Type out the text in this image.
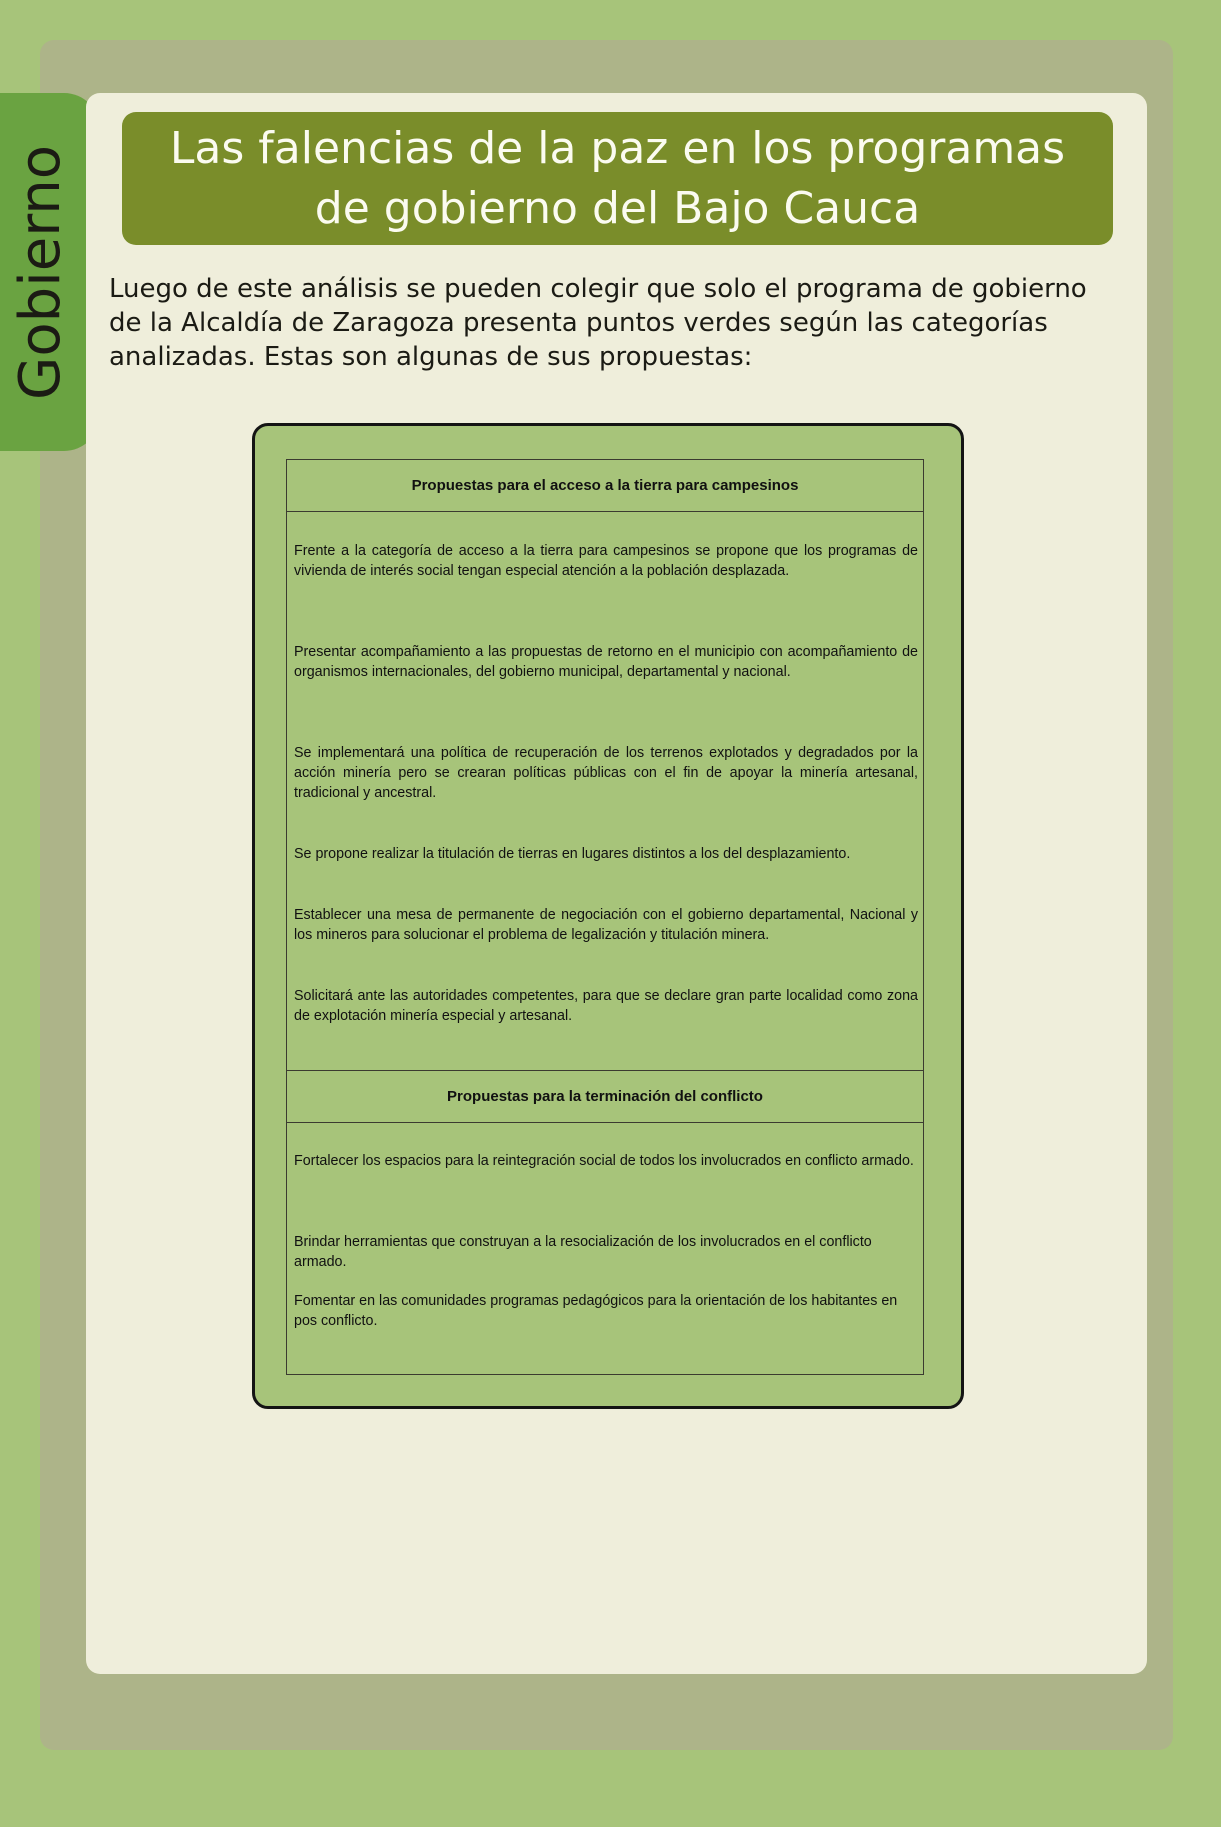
Gobierno	Las falencias de la paz en los programas de gobierno del Bajo Cauca

Luego de este análisis se pueden colegir que solo el programa de gobierno de la Alcaldía de Zaragoza presenta puntos verdes según las categorías analizadas. Estas son algunas de sus propuestas:

Propuestas para el acceso a la tierra para campesinos

Frente a la categoría de acceso a la tierra para campesinos se propone que los programas de vivienda de interés social tengan especial atención a la población desplazada.

Presentar acompañamiento a las propuestas de retorno en el municipio con acompañamiento de organismos internacionales, del gobierno municipal, departamental y nacional.

Se implementará una política de recuperación de los terrenos explotados y degradados por la acción minería pero se crearan políticas públicas con el fin de apoyar la minería artesanal, tradicional y ancestral.

Se propone realizar la titulación de tierras en lugares distintos a los del desplazamiento.

Establecer una mesa de permanente de negociación con el gobierno departamental, Nacional y los mineros para solucionar el problema de legalización y titulación minera.

Solicitará ante las autoridades competentes, para que se declare gran parte localidad como zona de explotación minería especial y artesanal.

Propuestas para la terminación del conflicto

Fortalecer los espacios para la reintegración social de todos los involucrados en conflicto armado.

Brindar herramientas que construyan a la resocialización de los involucrados en el conflicto armado.

Fomentar en las comunidades programas pedagógicos para la orientación de los habitantes en pos conflicto.
